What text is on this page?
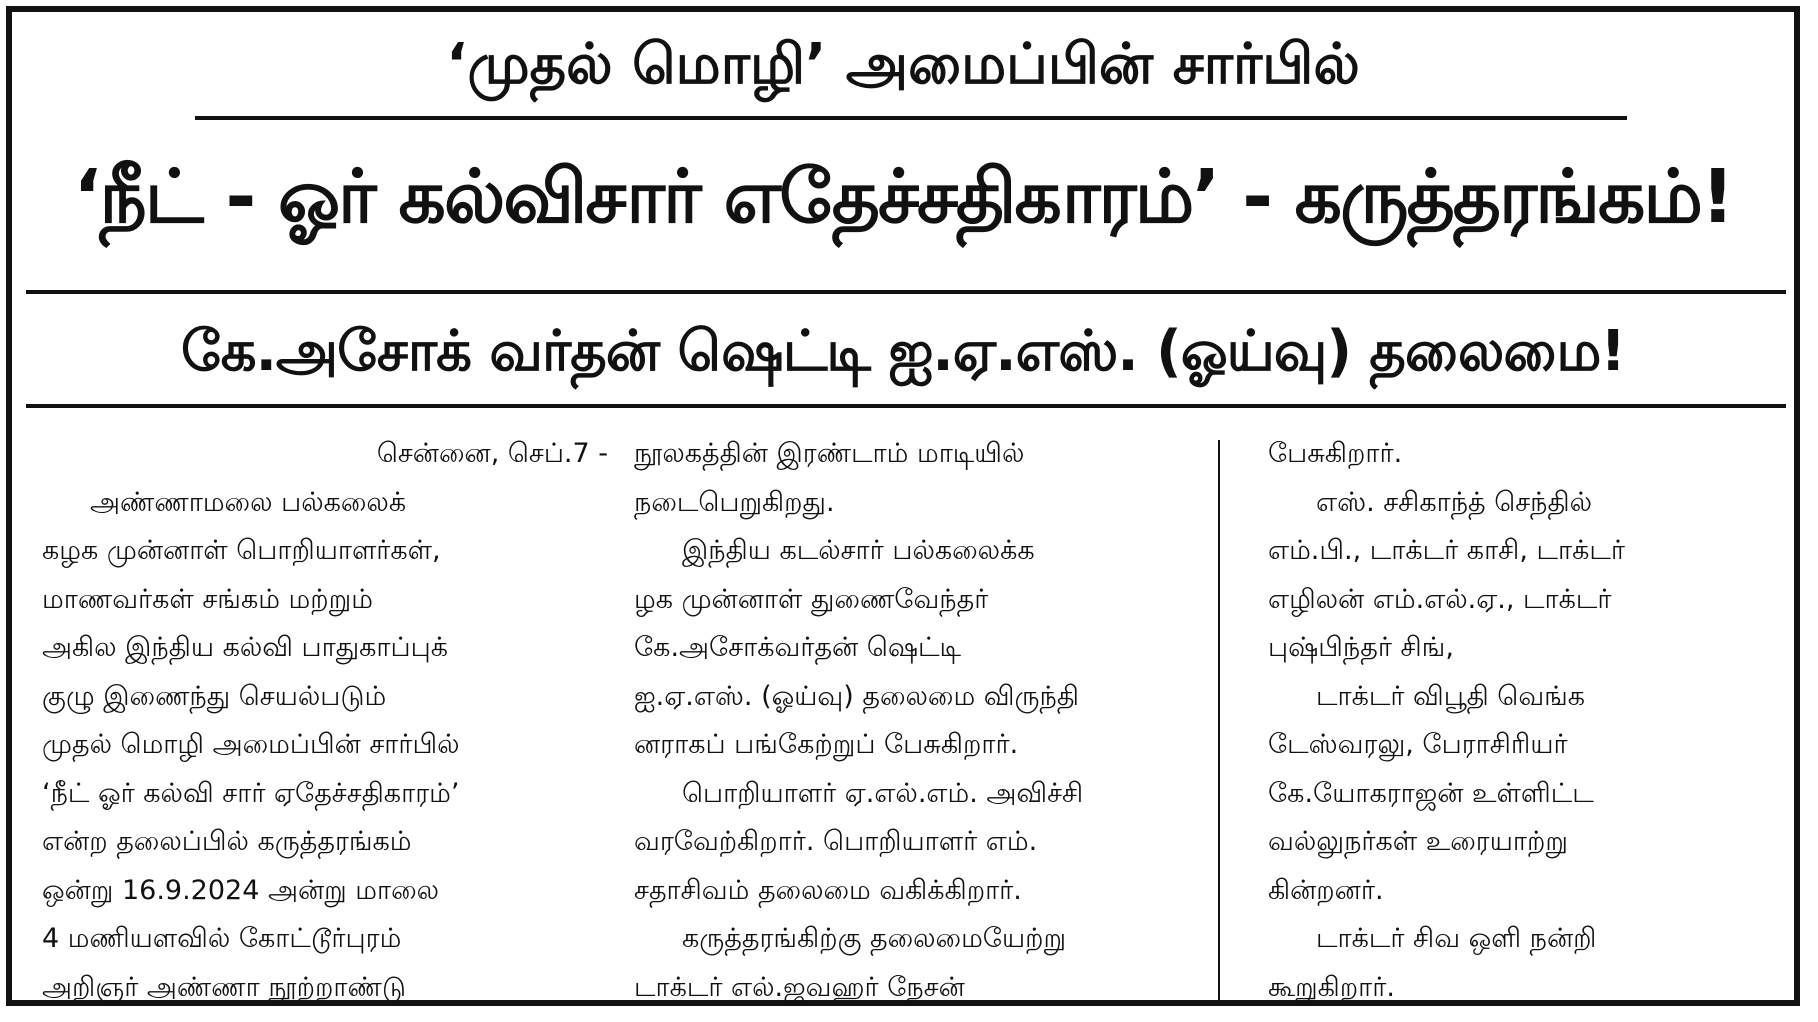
‘முதல் மொழி’ அமைப்பின் சார்பில்
‘நீட் - ஓர் கல்விசார் எதேச்சதிகாரம்’ - கருத்தரங்கம்!
கே.அசோக் வர்தன் ஷெட்டி ஐ.ஏ.எஸ். (ஓய்வு) தலைமை!
சென்னை, செப்.7 -
அண்ணாமலை பல்கலைக்
கழக முன்னாள் பொறியாளர்கள்,
மாணவர்கள் சங்கம் மற்றும்
அகில இந்திய கல்வி பாதுகாப்புக்
குழு இணைந்து செயல்படும்
முதல் மொழி அமைப்பின் சார்பில்
‘நீட் ஓர் கல்வி சார் ஏதேச்சதிகாரம்’
என்ற தலைப்பில் கருத்தரங்கம்
ஒன்று 16.9.2024 அன்று மாலை
4 மணியளவில் கோட்டூர்புரம்
அறிஞர் அண்ணா நூற்றாண்டு
நூலகத்தின் இரண்டாம் மாடியில்
நடைபெறுகிறது.
இந்திய கடல்சார் பல்கலைக்க
ழக முன்னாள் துணைவேந்தர்
கே.அசோக்வர்தன் ஷெட்டி
ஐ.ஏ.எஸ். (ஓய்வு) தலைமை விருந்தி
னராகப் பங்கேற்றுப் பேசுகிறார்.
பொறியாளர் ஏ.எல்.எம். அவிச்சி
வரவேற்கிறார். பொறியாளர் எம்.
சதாசிவம் தலைமை வகிக்கிறார்.
கருத்தரங்கிற்கு தலைமையேற்று
டாக்டர் எல்.ஜவஹர் நேசன்
பேசுகிறார்.
எஸ். சசிகாந்த் செந்தில்
எம்.பி., டாக்டர் காசி, டாக்டர்
எழிலன் எம்.எல்.ஏ., டாக்டர்
புஷ்பிந்தர் சிங்,
டாக்டர் விபூதி வெங்க
டேஸ்வரலு, பேராசிரியர்
கே.யோகராஜன் உள்ளிட்ட
வல்லுநர்கள் உரையாற்று
கின்றனர்.
டாக்டர் சிவ ஒளி நன்றி
கூறுகிறார்.
